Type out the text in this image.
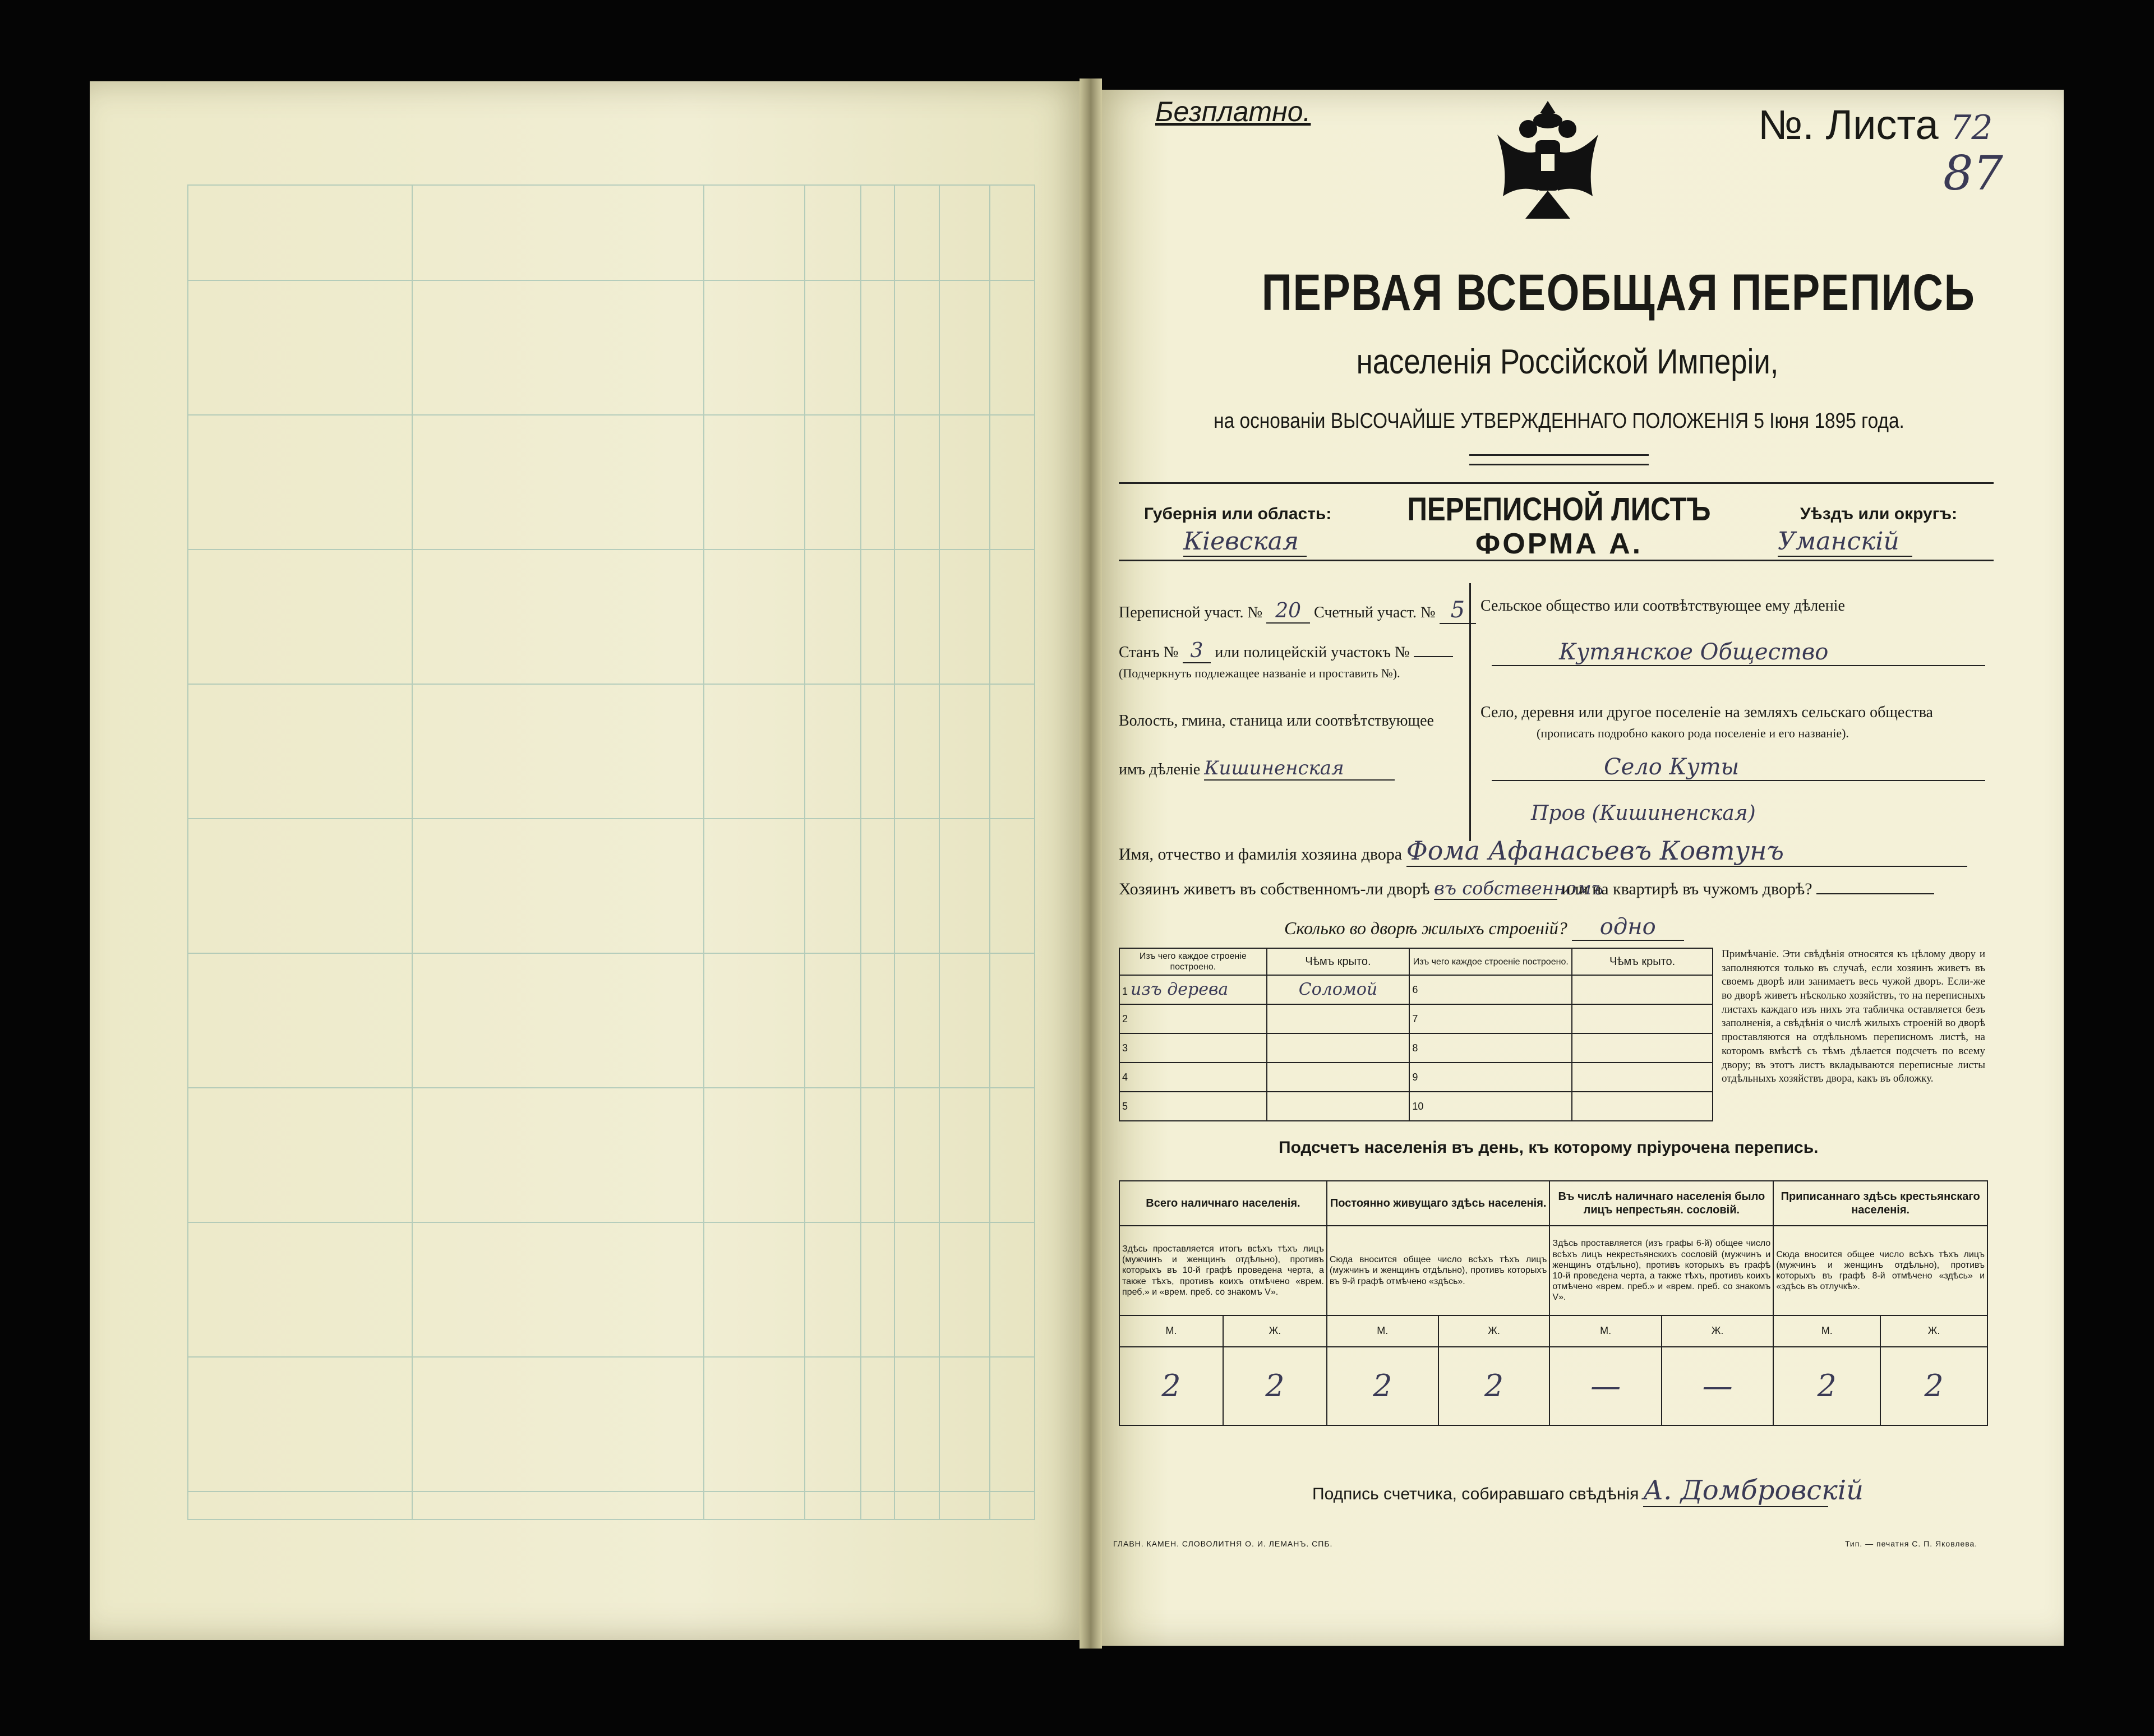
Безплатно.	№. Листа 72
87
ПЕРВАЯ ВСЕОБЩАЯ ПЕРЕПИСЬ
населенія Россійской Имперіи,
на основаніи ВЫСОЧАЙШЕ УТВЕРЖДЕННАГО ПОЛОЖЕНІЯ 5 Іюня 1895 года.
Губернія или область:
Кіевская
ПЕРЕПИСНОЙ ЛИСТЪ
ФОРМА А.
Уѣздъ или округъ:
Уманскій
Переписной участ. № 20 Счетный участ. № 5
Станъ № 3 или полицейскій участокъ №
(Подчеркнуть подлежащее названіе и проставить №).
Волость, гмина, станица или соотвѣтствующее
имъ дѣленіе Кишиненская
Сельское общество или соотвѣтствующее ему дѣленіе
Кутянское Общество
Село, деревня или другое поселеніе на земляхъ сельскаго общества
(прописать подробно какого рода поселеніе и его названіе).
Село Куты
Пров (Кишиненская)
Имя, отчество и фамилія хозяина двора Фома Афанасьевъ Ковтунъ
Хозяинъ живетъ въ собственномъ-ли дворѣ въ собственномъ или на квартирѣ въ чужомъ дворѣ?
Сколько во дворѣ жилыхъ строеній? одно
Изъ чего каждое строеніе построено.	Чѣмъ крыто.	Изъ чего каждое строеніе построено.	Чѣмъ крыто.
1 изъ дерева	Соломой	6	
2		7	
3		8	
4		9	
5		10	
Примѣчаніе. Эти свѣдѣнія относятся къ цѣлому двору и заполняются только въ случаѣ, если хозяинъ живетъ въ своемъ дворѣ или занимаетъ весь чужой дворъ. Если-же во дворѣ живетъ нѣсколько хозяйствъ, то на переписныхъ листахъ каждаго изъ нихъ эта табличка оставляется безъ заполненія, а свѣдѣнія о числѣ жилыхъ строеній во дворѣ проставляются на отдѣльномъ переписномъ листѣ, на которомъ вмѣстѣ съ тѣмъ дѣлается подсчетъ по всему двору; въ этотъ листъ вкладываются переписные листы отдѣльныхъ хозяйствъ двора, какъ въ обложку.
Подсчетъ населенія въ день, къ которому пріурочена перепись.
Всего наличнаго населенія.		Постоянно живущаго здѣсь населенія.		Въ числѣ наличнаго населенія было лицъ непрестьян. сословій.		Приписаннаго здѣсь крестьянскаго населенія.	
Здѣсь проставляется итогъ всѣхъ тѣхъ лицъ (мужчинъ и женщинъ отдѣльно), противъ которыхъ въ 10-й графѣ проведена черта, а также тѣхъ, противъ коихъ отмѣчено «врем. преб.» и «врем. преб. со знакомъ V».		Сюда вносится общее число всѣхъ тѣхъ лицъ (мужчинъ и женщинъ отдѣльно), противъ которыхъ въ 9-й графѣ отмѣчено «здѣсь».		Здѣсь проставляется (изъ графы 6-й) общее число всѣхъ лицъ некрестьянскихъ сословій (мужчинъ и женщинъ отдѣльно), противъ которыхъ въ графѣ 10-й проведена черта, а также тѣхъ, противъ коихъ отмѣчено «врем. преб.» и «врем. преб. со знакомъ V».		Сюда вносится общее число всѣхъ тѣхъ лицъ (мужчинъ и женщинъ отдѣльно), противъ которыхъ въ графѣ 8-й отмѣчено «здѣсь» и «здѣсь въ отлучкѣ».	
М.	Ж.	М.	Ж.	М.	Ж.	М.	Ж.
2	2	2	2	—	—	2	2
Подпись счетчика, собиравшаго свѣдѣнія А. Домбровскій
ГЛАВН. КАМЕН. СЛОВОЛИТНЯ О. И. ЛЕМАНЪ. СПБ.	Тип. — печатня С. П. Яковлева.
